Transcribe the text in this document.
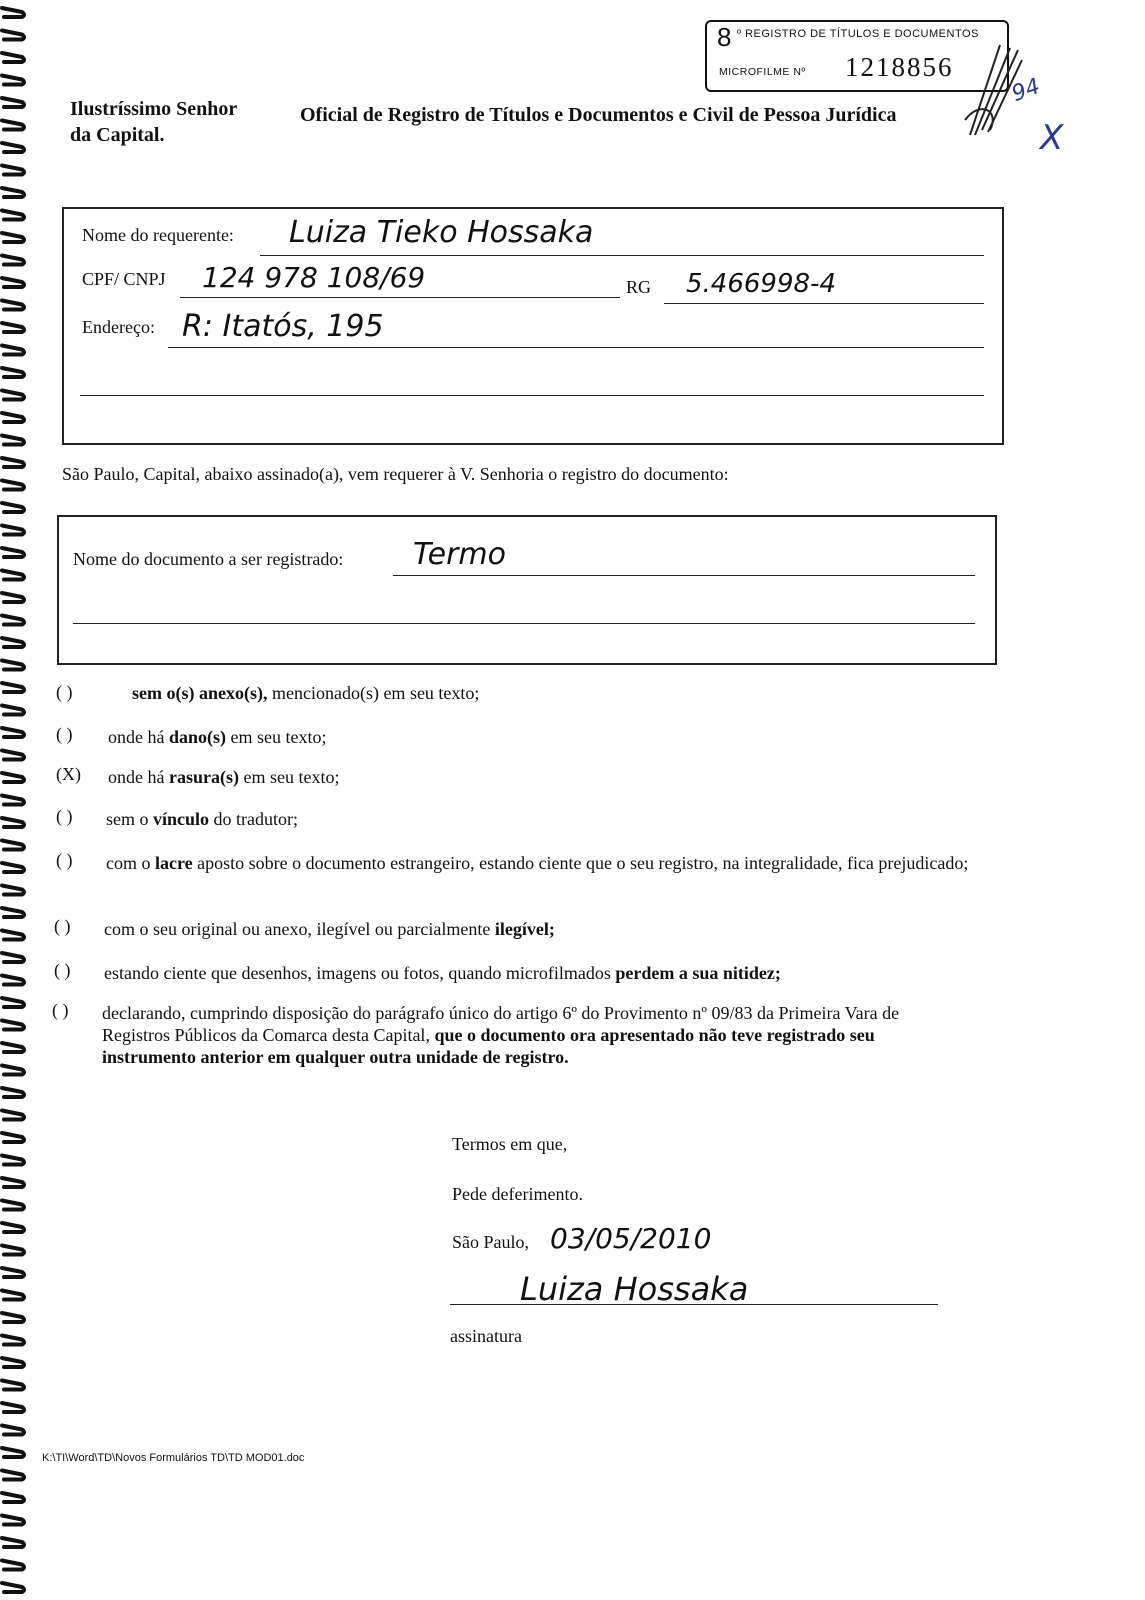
8 º REGISTRO DE TÍTULOS E DOCUMENTOS
MICROFILME Nº 1218856
94
X
Ilustríssimo Senhor
da Capital.
Oficial de Registro de Títulos e Documentos e Civil de Pessoa Jurídica
Nome do requerente: Luiza Tieko Hossaka
CPF/ CNPJ 124 978 108/69	RG 5.466998-4
Endereço: R: Itatós, 195
São Paulo, Capital, abaixo assinado(a), vem requerer à V. Senhoria o registro do documento:
Nome do documento a ser registrado: Termo
( )	sem o(s) anexo(s), mencionado(s) em seu texto;
( ) onde há dano(s) em seu texto;
(X) onde há rasura(s) em seu texto;
( ) sem o vínculo do tradutor;
( ) com o lacre aposto sobre o documento estrangeiro, estando ciente que o seu registro, na integralidade, fica prejudicado;
( ) com o seu original ou anexo, ilegível ou parcialmente ilegível;
( ) estando ciente que desenhos, imagens ou fotos, quando microfilmados perdem a sua nitidez;
( ) declarando, cumprindo disposição do parágrafo único do artigo 6º do Provimento nº 09/83 da Primeira Vara de Registros Públicos da Comarca desta Capital, que o documento ora apresentado não teve registrado seu instrumento anterior em qualquer outra unidade de registro.
Termos em que,
Pede deferimento.
São Paulo, 03/05/2010
Luiza Hossaka
assinatura
K:\TI\Word\TD\Novos Formulários TD\TD MOD01.doc
